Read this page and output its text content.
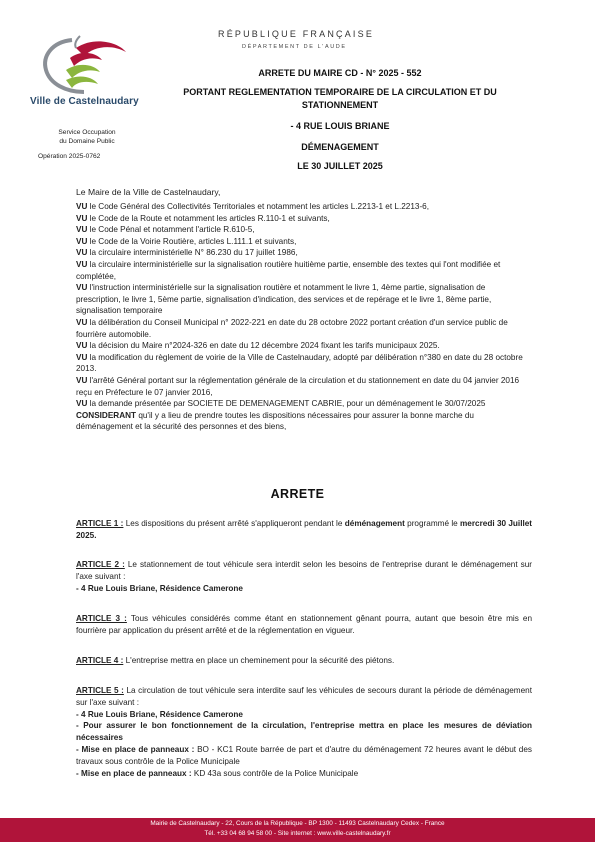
RÉPUBLIQUE FRANÇAISE
DÉPARTEMENT DE L'AUDE
Ville de Castelnaudary
Service Occupation
du Domaine Public
Opération 2025-0762
ARRETE DU MAIRE CD - N° 2025 - 552
PORTANT REGLEMENTATION TEMPORAIRE DE LA CIRCULATION ET DU
STATIONNEMENT
- 4 RUE LOUIS BRIANE
DÉMENAGEMENT
LE 30 JUILLET 2025
Le Maire de la Ville de Castelnaudary,

VU le Code Général des Collectivités Territoriales et notamment les articles L.2213-1 et L.2213-6,

VU le Code de la Route et notamment les articles R.110-1 et suivants,

VU le Code Pénal et notamment l'article R.610-5,

VU le Code de la Voirie Routière, articles L.111.1 et suivants,

VU la circulaire interministérielle N° 86.230 du 17 juillet 1986,

VU la circulaire interministérielle sur la signalisation routière huitième partie, ensemble des textes qui l'ont modifiée et complétée,

VU l'instruction interministérielle sur la signalisation routière et notamment le livre 1, 4ème partie, signalisation de prescription, le livre 1, 5ème partie, signalisation d'indication, des services et de repérage et le livre 1, 8ème partie, signalisation temporaire

VU la délibération du Conseil Municipal n° 2022-221 en date du 28 octobre 2022 portant création d'un service public de fourrière automobile.

VU la décision du Maire n°2024-326 en date du 12 décembre 2024 fixant les tarifs municipaux 2025.

VU la modification du règlement de voirie de la Ville de Castelnaudary, adopté par délibération n°380 en date du 28 octobre 2013.

VU l'arrêté Général portant sur la réglementation générale de la circulation et du stationnement en date du 04 janvier 2016 reçu en Préfecture le 07 janvier 2016,

VU la demande présentée par SOCIETE DE DEMENAGEMENT CABRIE, pour un déménagement le 30/07/2025

CONSIDERANT qu'il y a lieu de prendre toutes les dispositions nécessaires pour assurer la bonne marche du déménagement et la sécurité des personnes et des biens,

ARRETE

ARTICLE 1 : Les dispositions du présent arrêté s'appliqueront pendant le déménagement programmé le mercredi 30 Juillet 2025.

ARTICLE 2 : Le stationnement de tout véhicule sera interdit selon les besoins de l'entreprise durant le déménagement sur l'axe suivant :

- 4 Rue Louis Briane, Résidence Camerone

ARTICLE 3 : Tous véhicules considérés comme étant en stationnement gênant pourra, autant que besoin être mis en fourrière par application du présent arrêté et de la réglementation en vigueur.

ARTICLE 4 : L'entreprise mettra en place un cheminement pour la sécurité des piétons.

ARTICLE 5 : La circulation de tout véhicule sera interdite sauf les véhicules de secours durant la période de déménagement sur l'axe suivant :

- 4 Rue Louis Briane, Résidence Camerone

- Pour assurer le bon fonctionnement de la circulation, l'entreprise mettra en place les mesures de déviation nécessaires

- Mise en place de panneaux : BO - KC1 Route barrée de part et d'autre du déménagement 72 heures avant le début des travaux sous contrôle de la Police Municipale

- Mise en place de panneaux : KD 43a sous contrôle de la Police Municipale

Mairie de Castelnaudary - 22, Cours de la République - BP 1300 - 11493 Castelnaudary Cedex - France
Tél. +33 04 68 94 58 00 - Site internet : www.ville-castelnaudary.fr
